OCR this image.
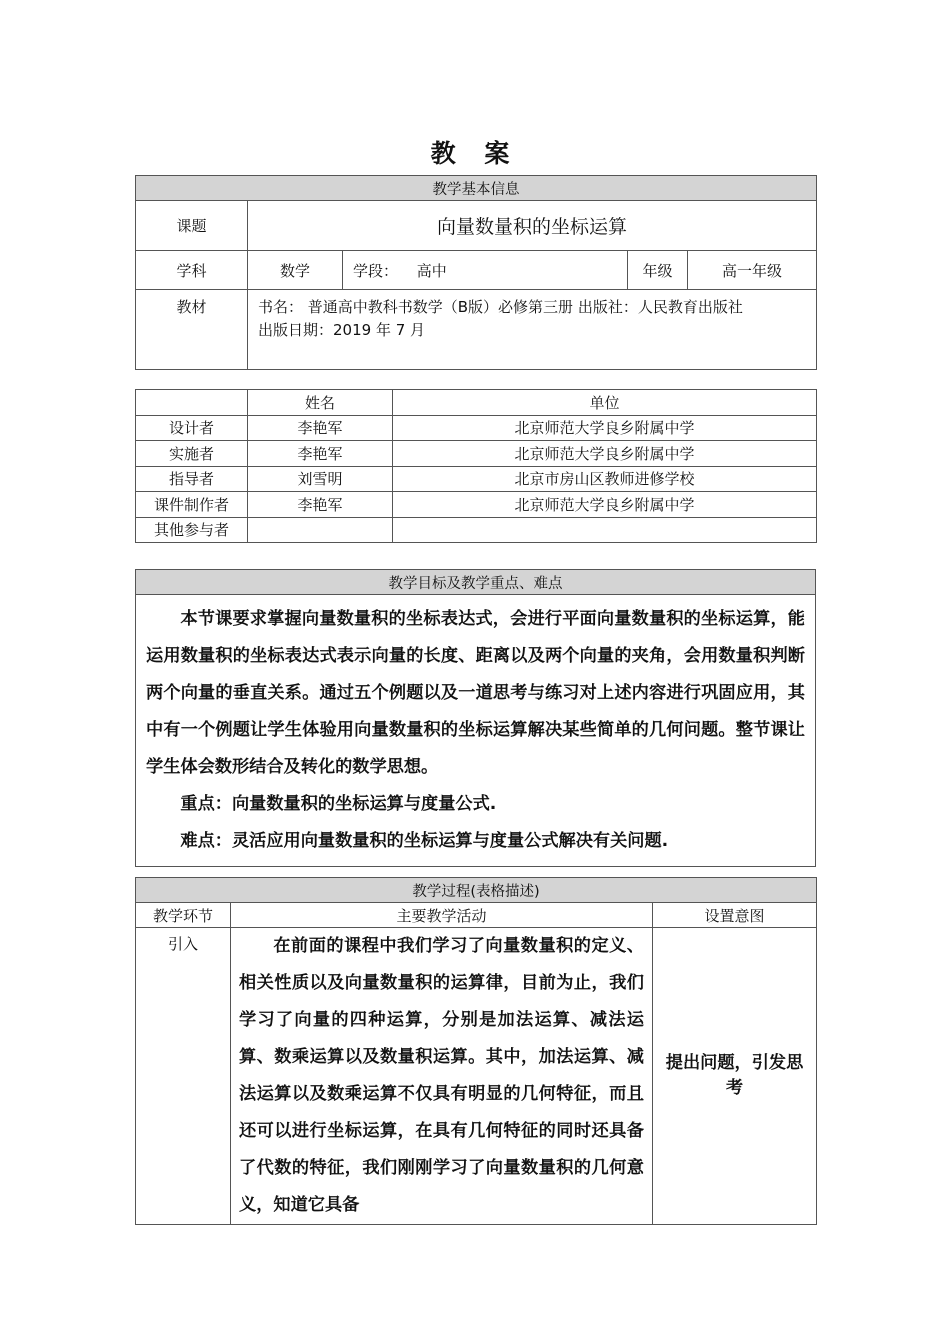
教 案
教学基本信息				
课题	向量数量积的坐标运算			
学科	数学	学段： 高中	年级	高一年级
教材	书名： 普通高中教科书数学（B版）必修第三册 出版社：人民教育出版社
出版日期：2019 年 7 月			
	姓名	单位
设计者	李艳军	北京师范大学良乡附属中学
实施者	李艳军	北京师范大学良乡附属中学
指导者	刘雪明	北京市房山区教师进修学校
课件制作者	李艳军	北京师范大学良乡附属中学
其他参与者		
教学目标及教学重点、难点

本节课要求掌握向量数量积的坐标表达式，会进行平面向量数量积的坐标运算，能运用数量积的坐标表达式表示向量的长度、距离以及两个向量的夹角，会用数量积判断两个向量的垂直关系。通过五个例题以及一道思考与练习对上述内容进行巩固应用，其中有一个例题让学生体验用向量数量积的坐标运算解决某些简单的几何问题。整节课让学生体会数形结合及转化的数学思想。

重点：向量数量积的坐标运算与度量公式.

难点：灵活应用向量数量积的坐标运算与度量公式解决有关问题.

教学过程(表格描述)		
教学环节	主要教学活动	设置意图
引入	在前面的课程中我们学习了向量数量积的定义、相关性质以及向量数量积的运算律，目前为止，我们学习了向量的四种运算，分别是加法运算、减法运算、数乘运算以及数量积运算。其中，加法运算、减法运算以及数乘运算不仅具有明显的几何特征，而且还可以进行坐标运算，在具有几何特征的同时还具备了代数的特征，我们刚刚学习了向量数量积的几何意义，知道它具备	提出问题，引发思考
